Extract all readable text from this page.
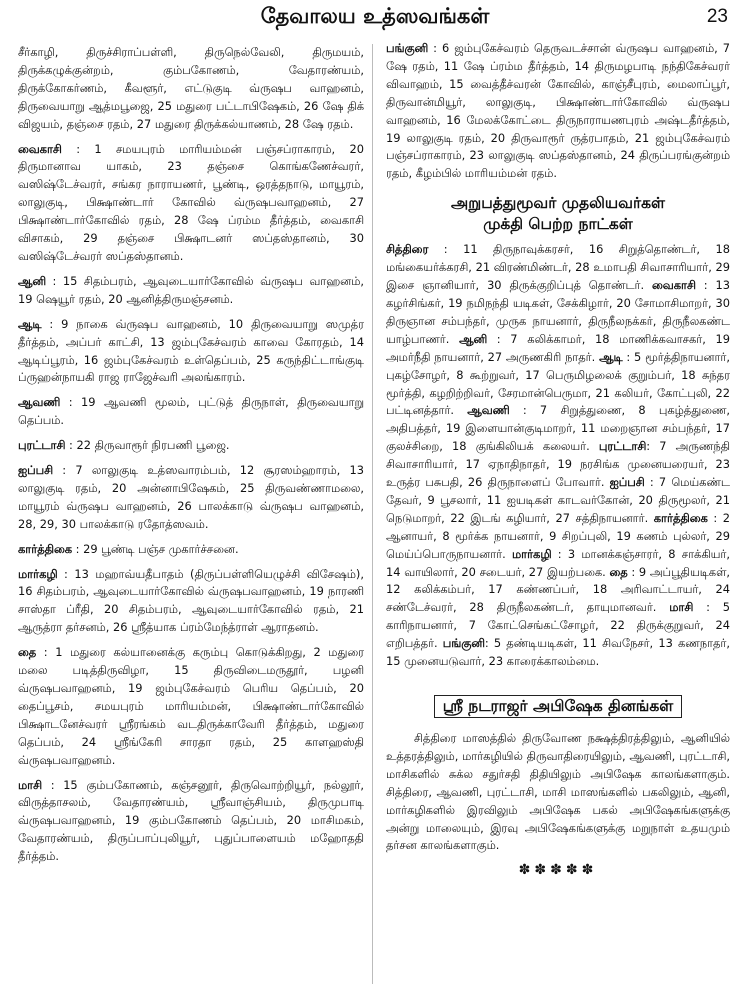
தேவாலய உத்ஸவங்கள்	23

சீர்காழி, திருச்சிராப்பள்ளி, திருநெல்வேலி, திருமயம், திருக்கழுக்குன்றம், கும்பகோணம், வேதாரண்யம், திருக்கோகர்ணம், கீவளூர், எட்டுகுடி வ்ருஷப வாஹனம், திருவையாறு ஆத்மபூஜை, 25 மதுரை பட்டாபிஷேகம், 26 ஷே திக் விஜயம், தஞ்சை ரதம், 27 மதுரை திருக்கல்யாணம், 28 ஷே ரதம்.

வைகாசி : 1 சமயபுரம் மாரியம்மன் பஞ்சப்ராகாரம், 20 திருமானாவ யாகம், 23 தஞ்சை கொங்கணேச்வரர், வஸிஷ்டேச்வரர், சங்கர நாராயணர், பூண்டி, ஒரத்தநாடு, மாயூரம், லாலுகுடி, பிக்ஷாண்டார் கோவில் வ்ருஷபவாஹனம், 27 பிக்ஷாண்டார்கோவில் ரதம், 28 ஷே ப்ரம்ம தீர்த்தம், வைகாசி விசாகம், 29 தஞ்சை பிக்ஷாடனர் ஸப்தஸ்தானம், 30 வஸிஷ்டேச்வரர் ஸப்தஸ்தானம்.

ஆனி : 15 சிதம்பரம், ஆவுடையார்கோவில் வ்ருஷப வாஹனம், 19 ஷெயூர் ரதம், 20 ஆனித்திருமஞ்சனம்.

ஆடி : 9 நாகை வ்ருஷப வாஹனம், 10 திருவையாறு ஸமுத்ர தீர்த்தம், அப்பர் காட்சி, 13 ஜம்புகேச்வரம் காவை கோரதம், 14 ஆடிப்பூரம், 16 ஜம்புகேச்வரம் உள்தெப்பம், 25 கருந்திட்டாங்குடி ப்ருஹன்நாயகி ராஜ ராஜேச்வரி அலங்காரம்.

ஆவணி : 19 ஆவணி மூலம், புட்டுத் திருநாள், திருவையாறு தெப்பம்.

புரட்டாசி : 22 திருவாரூர் நிரபணி பூஜை.

ஐப்பசி : 7 லாலுகுடி உத்ஸவாரம்பம், 12 சூரஸம்ஹாரம், 13 லாலுகுடி ரதம், 20 அன்னாபிஷேகம், 25 திருவண்ணாமலை, மாயூரம் வ்ருஷப வாஹனம், 26 பாலக்காடு வ்ருஷப வாஹனம், 28, 29, 30 பாலக்காடு ரதோத்ஸவம்.

கார்த்திகை : 29 பூண்டி பஞ்ச முகார்ச்சனை.

மார்கழி : 13 மஹாவ்யதீபாதம் (திருப்பள்ளியெழுச்சி விசேஷம்), 16 சிதம்பரம், ஆவுடையார்கோவில் வ்ருஷபவாஹனம், 19 நாரணி சாஸ்தா ப்ரீதி, 20 சிதம்பரம், ஆவுடையார்கோவில் ரதம், 21 ஆருத்ரா தர்சனம், 26 ஸ்ரீத்யாக ப்ரம்மேந்த்ராள் ஆராதனம்.

தை : 1 மதுரை கல்யானைக்கு கரும்பு கொடுக்கிறது, 2 மதுரை மலை படித்திருவிழா, 15 திருவிடைமருதூர், பழனி வ்ருஷபவாஹனம், 19 ஜம்புகேச்வரம் பெரிய தெப்பம், 20 தைப்பூசம், சமயபுரம் மாரியம்மன், பிக்ஷாண்டார்கோவில் பிக்ஷாடனேச்வரர் ஸ்ரீரங்கம் வடதிருக்காவேரி தீர்த்தம், மதுரை தெப்பம், 24 ஸ்ரீங்கேரி சாரதா ரதம், 25 காளஹஸ்தி வ்ருஷபவாஹனம்.

மாசி : 15 கும்பகோணம், கஞ்சனூர், திருவொற்றியூர், நல்லூர், விருத்தாசலம், வேதாரண்யம், ஸ்ரீவாஞ்சியம், திருமுபாடி வ்ருஷபவாஹனம், 19 கும்பகோணம் தெப்பம், 20 மாசிமகம், வேதாரண்யம், திருப்பாப்புலியூர், புதுப்பாளையம் மஹோததி தீர்த்தம்.

பங்குனி : 6 ஜம்புகேச்வரம் தெருவடச்சான் வ்ருஷப வாஹனம், 7 ஷே ரதம், 11 ஷே ப்ரம்ம தீர்த்தம், 14 திருமழபாடி நந்திகேச்வரர் விவாஹம், 15 வைத்தீச்வரன் கோவில், காஞ்சீபுரம், மைலாப்பூர், திருவான்மியூர், லாலுகுடி, பிக்ஷாண்டார்கோவில் வ்ருஷப வாஹனம், 16 மேலக்கோட்டை திருநாராயணபுரம் அஷ்டதீர்த்தம், 19 லாலுகுடி ரதம், 20 திருவாரூர் ருத்ரபாதம், 21 ஜம்புகேச்வரம் பஞ்சப்ராகாரம், 23 லாலுகுடி ஸப்தஸ்தானம், 24 திருப்பரங்குன்றம் ரதம், கீழம்பில் மாரியம்மன் ரதம்.

அறுபத்துமூவர் முதலியவர்கள்
முக்தி பெற்ற நாட்கள்

சித்திரை : 11 திருநாவுக்கரசர், 16 சிறுத்தொண்டர், 18 மங்கையர்க்கரசி, 21 விரண்மிண்டர், 28 உமாபதி சிவாசாரியார், 29 இசை ஞானியார், 30 திருக்குறிப்புத் தொண்டர். வைகாசி : 13 கழர்சிங்கர், 19 நமிநந்தி யடிகள், சேக்கிழார், 20 சோமாசிமாறர், 30 திருஞான சம்பந்தர், முருக நாயனார், திருநீலநக்கர், திருநீலகண்ட யாழ்பாணர். ஆனி : 7 கலிக்காமர், 18 மாணிக்கவாசகர், 19 அமர்நீதி நாயனார், 27 அருணகிரி நாதர். ஆடி : 5 மூர்த்திநாயனார், புகழ்சோழர், 8 கூற்றுவர், 17 பெருமிழலைக் குறும்பர், 18 சுந்தர மூர்த்தி, கழறிற்றிவர், சேரமான்பெருமா, 21 கலியர், கோட்புலி, 22 பட்டினத்தார். ஆவணி : 7 சிறுத்துணை, 8 புகழ்த்துணை, அதிபத்தர், 19 இளையான்குடிமாறர், 11 மறைஞான சம்பந்தர், 17 குலச்சிறை, 18 குங்கிலியக் கலையர். புரட்டாசி: 7 அருணந்தி சிவாசாரியார், 17 ஏநாதிநாதர், 19 நரசிங்க முனையரையர், 23 உருத்ர பசுபதி, 26 திருநாளைப் போவார். ஐப்பசி : 7 மெய்கண்ட தேவர், 9 பூசலார், 11 ஐயடிகள் காடவர்கோன், 20 திருமூலர், 21 நெடுமாறர், 22 இடங் கழியார், 27 சத்திநாயனார். கார்த்திகை : 2 ஆனாயர், 8 மூர்க்க நாயனார், 9 சிறப்புலி, 19 கணம் புல்லர், 29 மெய்ப்பொருநாயனார். மார்கழி : 3 மானக்கஞ்சாரர், 8 சாக்கியர், 14 வாயிலார், 20 சடையர், 27 இயற்பகை. தை : 9 அப்பூதியடிகள், 12 கலிக்கம்பர், 17 கண்ணப்பர், 18 அரிவாட்டாயர், 24 சண்டேச்வரர், 28 திருநீலகண்டர், தாயுமானவர். மாசி : 5 காரிநாயனார், 7 கோட்செங்கட்சோழர், 22 திருக்குறுவர், 24 எறிபத்தர். பங்குனி: 5 தண்டியடிகள், 11 சிவநேசர், 13 கணநாதர், 15 முனையடுவார், 23 காரைக்காலம்மை.

ஸ்ரீ நடராஜர் அபிஷேக தினங்கள்

சித்திரை மாஸத்தில் திருவோண நக்ஷத்திரத்திலும், ஆனியில் உத்தரத்திலும், மார்கழியில் திருவாதிரையிலும், ஆவணி, புரட்டாசி, மாசிகளில் சுக்ல சதுர்சதி திதியிலும் அபிஷேக காலங்களாகும். சித்திரை, ஆவணி, புரட்டாசி, மாசி மாஸங்களில் பகலிலும், ஆனி, மார்கழிகளில் இரவிலும் அபிஷேக பகல் அபிஷேகங்களுக்கு அன்று மாலையும், இரவு அபிஷேகங்களுக்கு மறுநாள் உதயமும் தர்சன காலங்களாகும்.

✽✽✽✽✽
